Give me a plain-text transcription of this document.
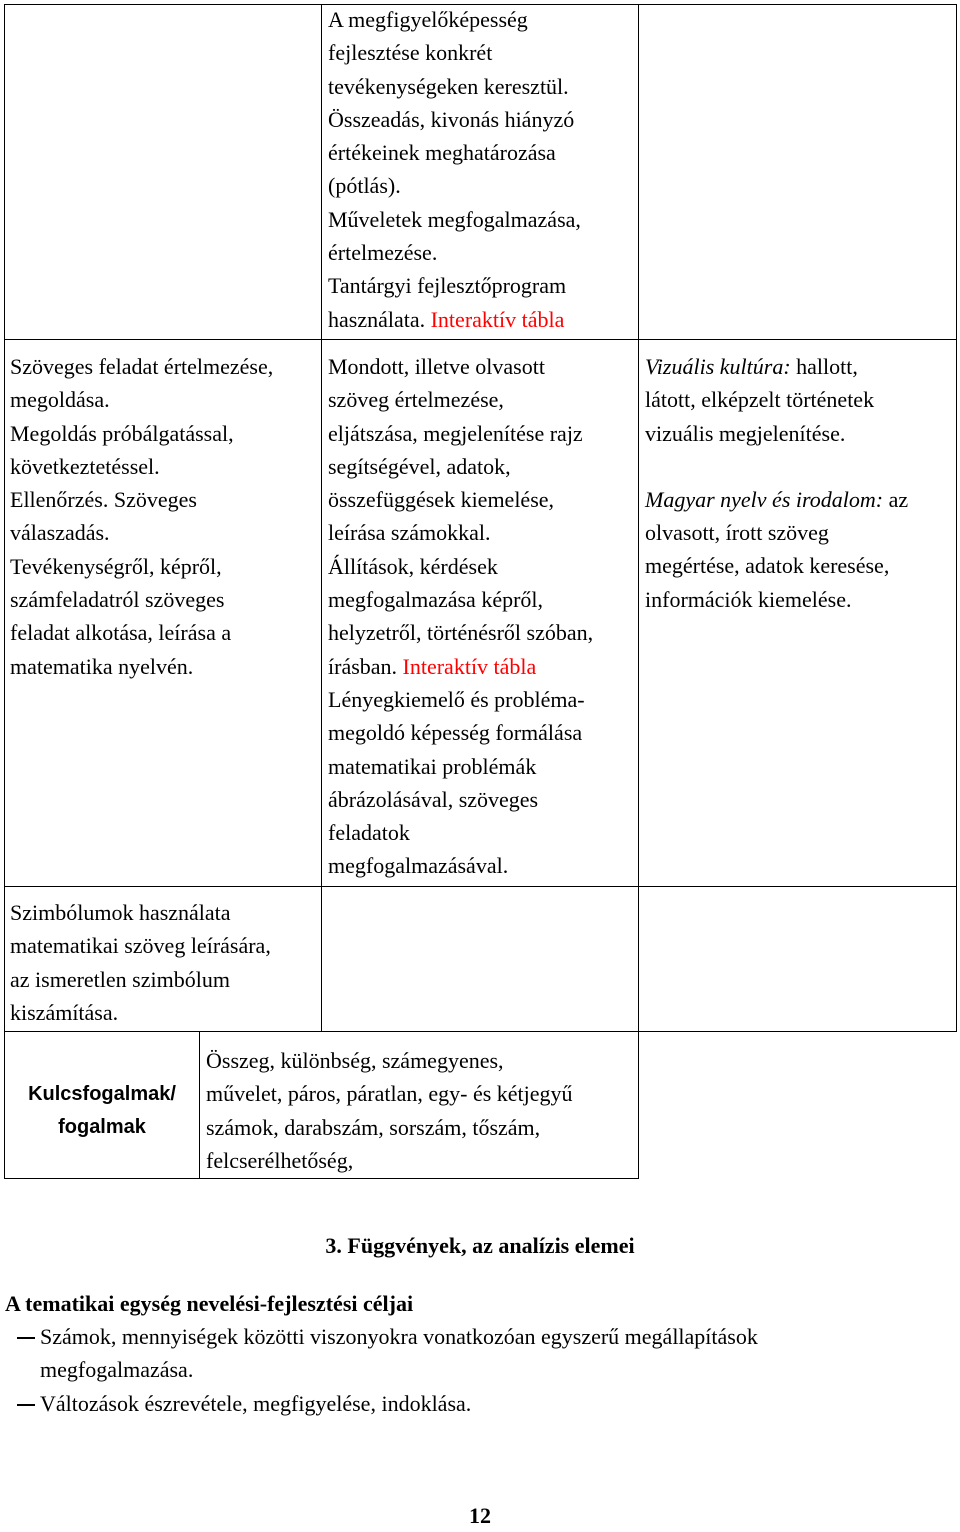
A megfigyelőképesség
fejlesztése konkrét
tevékenységeken keresztül.
Összeadás, kivonás hiányzó
értékeinek meghatározása
(pótlás).
Műveletek megfogalmazása,
értelmezése.
Tantárgyi fejlesztőprogram
használata. Interaktív tábla
Szöveges feladat értelmezése,
megoldása.
Megoldás próbálgatással,
következtetéssel.
Ellenőrzés. Szöveges
válaszadás.
Tevékenységről, képről,
számfeladatról szöveges
feladat alkotása, leírása a
matematika nyelvén.
Mondott, illetve olvasott
szöveg értelmezése,
eljátszása, megjelenítése rajz
segítségével, adatok,
összefüggések kiemelése,
leírása számokkal.
Állítások, kérdések
megfogalmazása képről,
helyzetről, történésről szóban,
írásban. Interaktív tábla
Lényegkiemelő és probléma-
megoldó képesség formálása
matematikai problémák
ábrázolásával, szöveges
feladatok
megfogalmazásával.
Vizuális kultúra: hallott,
látott, elképzelt történetek
vizuális megjelenítése.
Magyar nyelv és irodalom: az
olvasott, írott szöveg
megértése, adatok keresése,
információk kiemelése.
Szimbólumok használata
matematikai szöveg leírására,
az ismeretlen szimbólum
kiszámítása.
Kulcsfogalmak/
fogalmak
Összeg, különbség, számegyenes,
művelet, páros, páratlan, egy- és kétjegyű
számok, darabszám, sorszám, tőszám,
felcserélhetőség,
3. Függvények, az analízis elemei
A tematikai egység nevelési-fejlesztési céljai
Számok, mennyiségek közötti viszonyokra vonatkozóan egyszerű megállapítások
megfogalmazása.
Változások észrevétele, megfigyelése, indoklása.
12
